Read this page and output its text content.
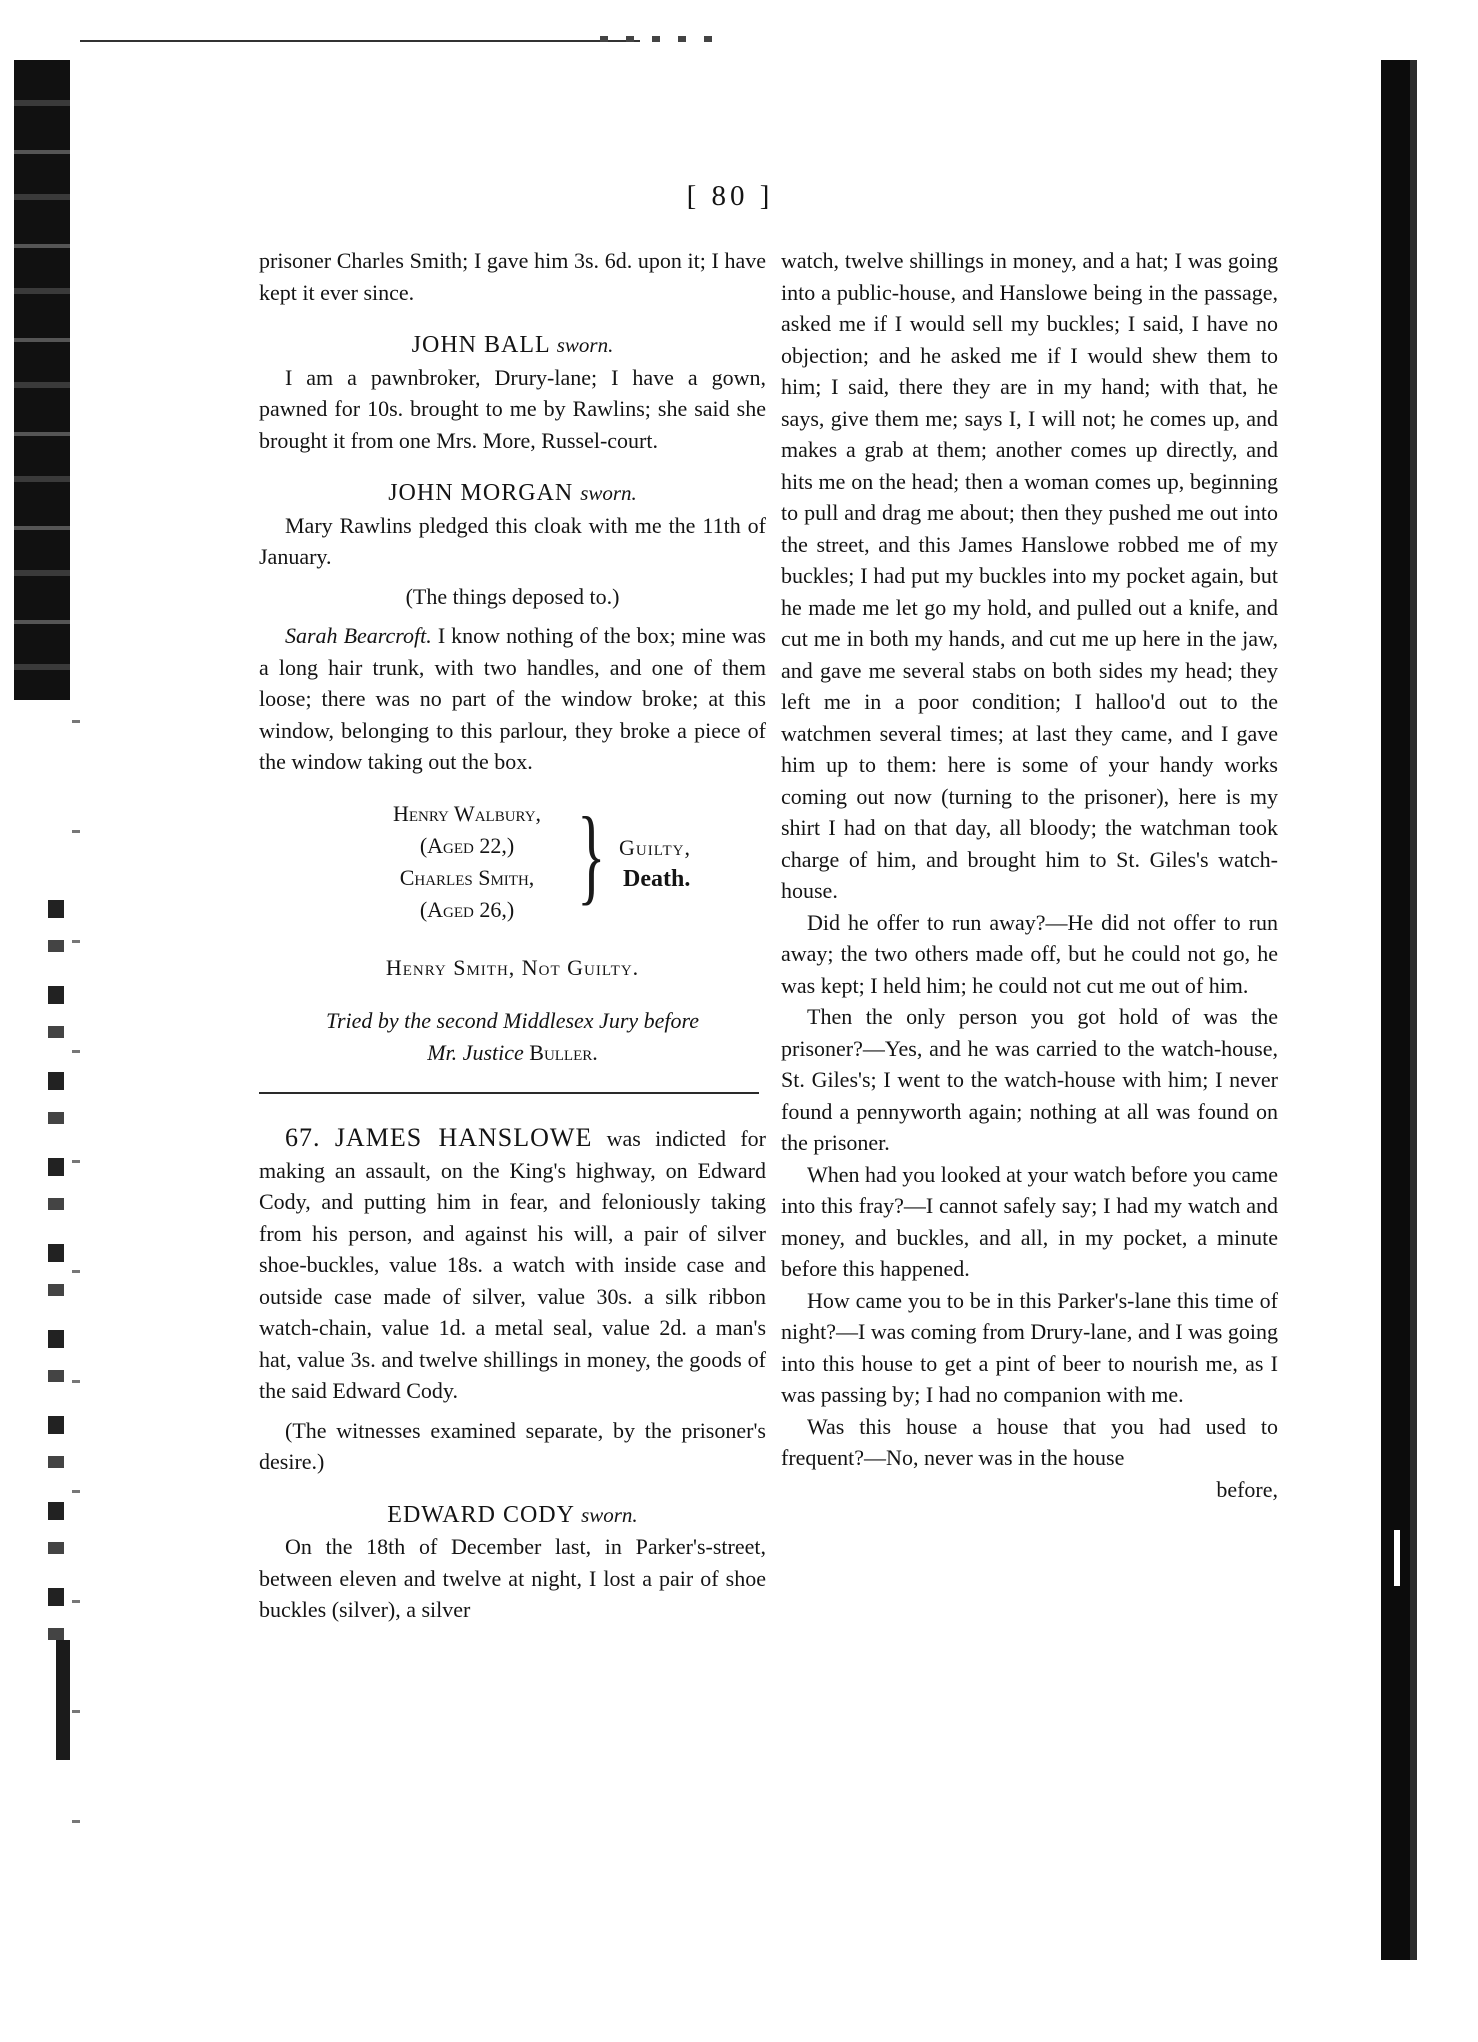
[ 80 ]

prisoner Charles Smith; I gave him 3s. 6d. upon it; I have kept it ever since.

JOHN BALL sworn.

I am a pawnbroker, Drury-lane; I have a gown, pawned for 10s. brought to me by Rawlins; she said she brought it from one Mrs. More, Russel-court.

JOHN MORGAN sworn.

Mary Rawlins pledged this cloak with me the 11th of January.

(The things deposed to.)

Sarah Bearcroft. I know nothing of the box; mine was a long hair trunk, with two handles, and one of them loose; there was no part of the window broke; at this window, belonging to this parlour, they broke a piece of the window taking out the box.

Henry Walbury,
(Aged 22,)
Charles Smith,
(Aged 26,) } Guilty,
Death.

Henry Smith, Not Guilty.

Tried by the second Middlesex Jury before
Mr. Justice Buller.

67. JAMES HANSLOWE was indicted for making an assault, on the King's highway, on Edward Cody, and putting him in fear, and feloniously taking from his person, and against his will, a pair of silver shoe-buckles, value 18s. a watch with inside case and outside case made of silver, value 30s. a silk ribbon watch-chain, value 1d. a metal seal, value 2d. a man's hat, value 3s. and twelve shillings in money, the goods of the said Edward Cody.

(The witnesses examined separate, by the prisoner's desire.)

EDWARD CODY sworn.

On the 18th of December last, in Parker's-street, between eleven and twelve at night, I lost a pair of shoe buckles (silver), a silver

watch, twelve shillings in money, and a hat; I was going into a public-house, and Hanslowe being in the passage, asked me if I would sell my buckles; I said, I have no objection; and he asked me if I would shew them to him; I said, there they are in my hand; with that, he says, give them me; says I, I will not; he comes up, and makes a grab at them; another comes up directly, and hits me on the head; then a woman comes up, beginning to pull and drag me about; then they pushed me out into the street, and this James Hanslowe robbed me of my buckles; I had put my buckles into my pocket again, but he made me let go my hold, and pulled out a knife, and cut me in both my hands, and cut me up here in the jaw, and gave me several stabs on both sides my head; they left me in a poor condition; I halloo'd out to the watchmen several times; at last they came, and I gave him up to them: here is some of your handy works coming out now (turning to the prisoner), here is my shirt I had on that day, all bloody; the watchman took charge of him, and brought him to St. Giles's watch-house.

Did he offer to run away?—He did not offer to run away; the two others made off, but he could not go, he was kept; I held him; he could not cut me out of him.

Then the only person you got hold of was the prisoner?—Yes, and he was carried to the watch-house, St. Giles's; I went to the watch-house with him; I never found a pennyworth again; nothing at all was found on the prisoner.

When had you looked at your watch before you came into this fray?—I cannot safely say; I had my watch and money, and buckles, and all, in my pocket, a minute before this happened.

How came you to be in this Parker's-lane this time of night?—I was coming from Drury-lane, and I was going into this house to get a pint of beer to nourish me, as I was passing by; I had no companion with me.

Was this house a house that you had used to frequent?—No, never was in the house

before,
